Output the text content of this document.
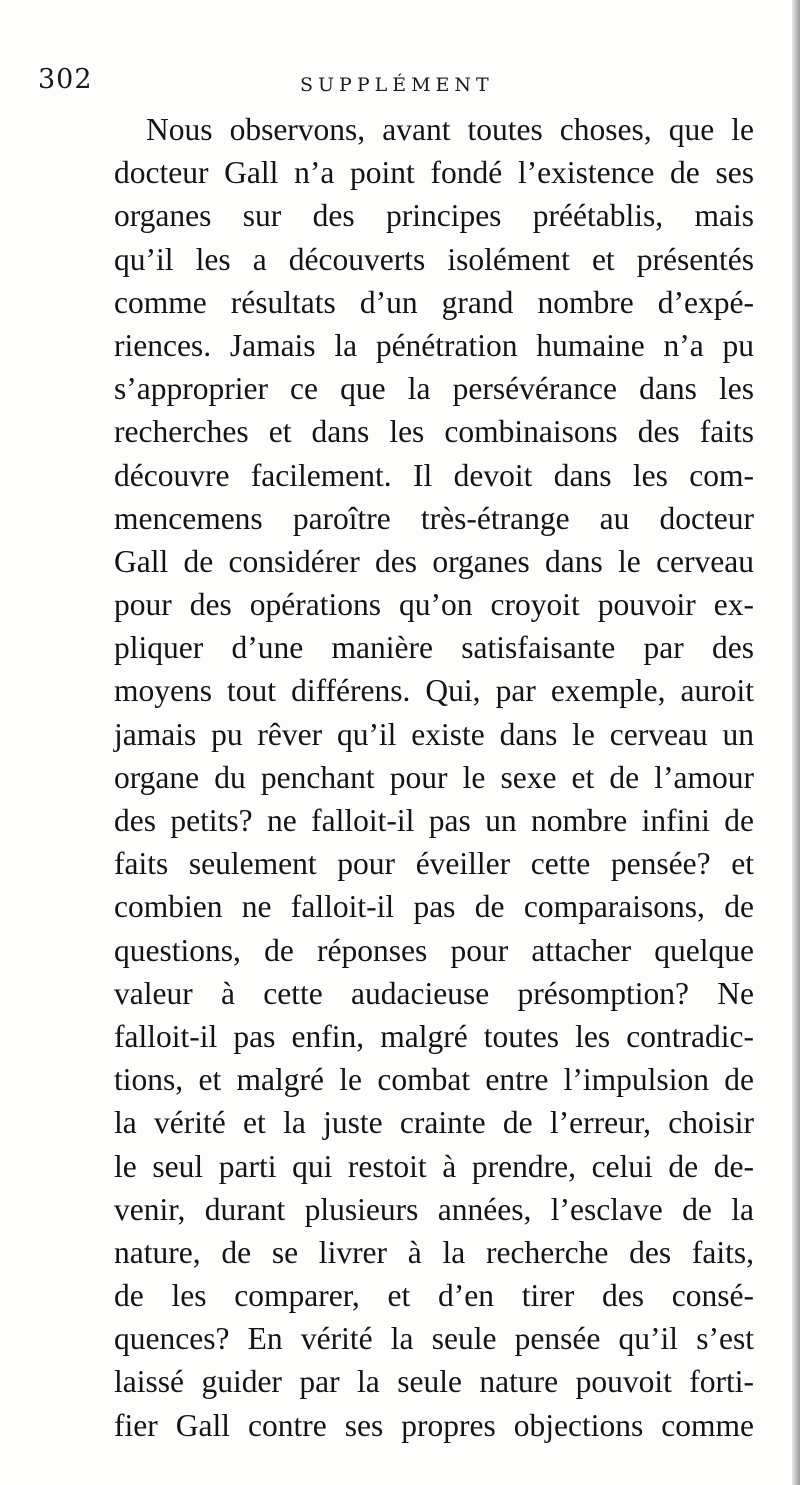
302	SUPPLÉMENT
Nous observons, avant toutes choses, que le
docteur Gall n’a point fondé l’existence de ses
organes sur des principes préétablis, mais
qu’il les a découverts isolément et présentés
comme résultats d’un grand nombre d’expé-
riences. Jamais la pénétration humaine n’a pu
s’approprier ce que la persévérance dans les
recherches et dans les combinaisons des faits
découvre facilement. Il devoit dans les com-
mencemens paroître très-étrange au docteur
Gall de considérer des organes dans le cerveau
pour des opérations qu’on croyoit pouvoir ex-
pliquer d’une manière satisfaisante par des
moyens tout différens. Qui, par exemple, auroit
jamais pu rêver qu’il existe dans le cerveau un
organe du penchant pour le sexe et de l’amour
des petits? ne falloit-il pas un nombre infini de
faits seulement pour éveiller cette pensée? et
combien ne falloit-il pas de comparaisons, de
questions, de réponses pour attacher quelque
valeur à cette audacieuse présomption? Ne
falloit-il pas enfin, malgré toutes les contradic-
tions, et malgré le combat entre l’impulsion de
la vérité et la juste crainte de l’erreur, choisir
le seul parti qui restoit à prendre, celui de de-
venir, durant plusieurs années, l’esclave de la
nature, de se livrer à la recherche des faits,
de les comparer, et d’en tirer des consé-
quences? En vérité la seule pensée qu’il s’est
laissé guider par la seule nature pouvoit forti-
fier Gall contre ses propres objections comme
